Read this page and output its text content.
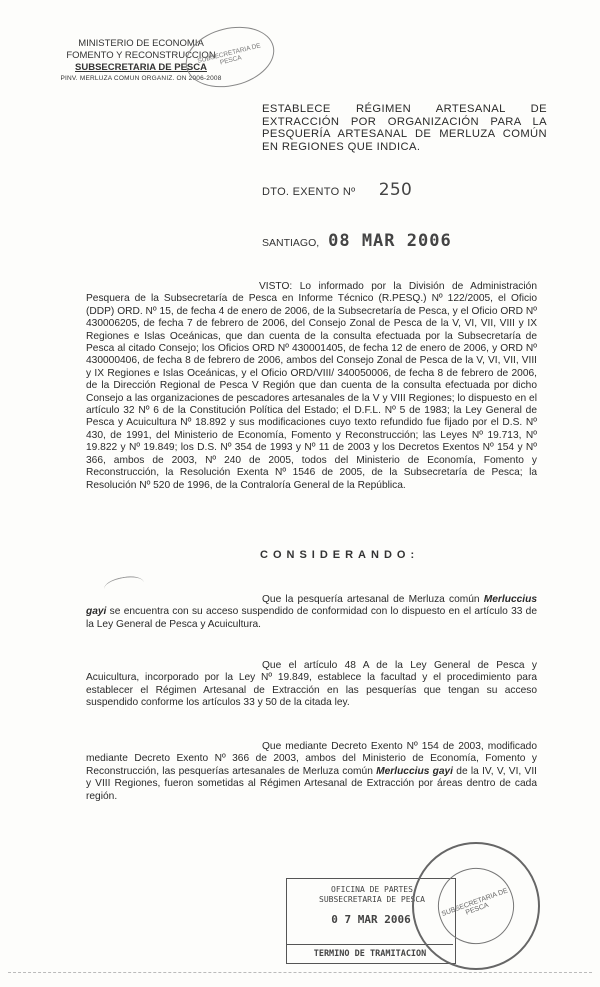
MINISTERIO DE ECONOMIA
FOMENTO Y RECONSTRUCCION
SUBSECRETARIA DE PESCA
PINV. MERLUZA COMUN ORGANIZ. ON 2006-2008
SUBSECRETARIA DE PESCA
ESTABLECE RÉGIMEN ARTESANAL DE EXTRACCIÓN POR ORGANIZACIÓN PARA LA PESQUERÍA ARTESANAL DE MERLUZA COMÚN EN REGIONES QUE INDICA.
DTO. EXENTO Nº 250
SANTIAGO, 08 MAR 2006
VISTO: Lo informado por la División de Administración Pesquera de la Subsecretaría de Pesca en Informe Técnico (R.PESQ.) Nº 122/2005, el Oficio (DDP) ORD. Nº 15, de fecha 4 de enero de 2006, de la Subsecretaría de Pesca, y el Oficio ORD Nº 430006205, de fecha 7 de febrero de 2006, del Consejo Zonal de Pesca de la V, VI, VII, VIII y IX Regiones e Islas Oceánicas, que dan cuenta de la consulta efectuada por la Subsecretaría de Pesca al citado Consejo; los Oficios ORD Nº 430001405, de fecha 12 de enero de 2006, y ORD Nº 430000406, de fecha 8 de febrero de 2006, ambos del Consejo Zonal de Pesca de la V, VI, VII, VIII y IX Regiones e Islas Oceánicas, y el Oficio ORD/VIII/ 340050006, de fecha 8 de febrero de 2006, de la Dirección Regional de Pesca V Región que dan cuenta de la consulta efectuada por dicho Consejo a las organizaciones de pescadores artesanales de la V y VIII Regiones; lo dispuesto en el artículo 32 Nº 6 de la Constitución Política del Estado; el D.F.L. Nº 5 de 1983; la Ley General de Pesca y Acuicultura Nº 18.892 y sus modificaciones cuyo texto refundido fue fijado por el D.S. Nº 430, de 1991, del Ministerio de Economía, Fomento y Reconstrucción; las Leyes Nº 19.713, Nº 19.822 y Nº 19.849; los D.S. Nº 354 de 1993 y Nº 11 de 2003 y los Decretos Exentos Nº 154 y Nº 366, ambos de 2003, Nº 240 de 2005, todos del Ministerio de Economía, Fomento y Reconstrucción, la Resolución Exenta Nº 1546 de 2005, de la Subsecretaría de Pesca; la Resolución Nº 520 de 1996, de la Contraloría General de la República.
CONSIDERANDO:
Que la pesquería artesanal de Merluza común Merluccius gayi se encuentra con su acceso suspendido de conformidad con lo dispuesto en el artículo 33 de la Ley General de Pesca y Acuicultura.
Que el artículo 48 A de la Ley General de Pesca y Acuicultura, incorporado por la Ley Nº 19.849, establece la facultad y el procedimiento para establecer el Régimen Artesanal de Extracción en las pesquerías que tengan su acceso suspendido conforme los artículos 33 y 50 de la citada ley.
Que mediante Decreto Exento Nº 154 de 2003, modificado mediante Decreto Exento Nº 366 de 2003, ambos del Ministerio de Economía, Fomento y Reconstrucción, las pesquerías artesanales de Merluza común Merluccius gayi de la IV, V, VI, VII y VIII Regiones, fueron sometidas al Régimen Artesanal de Extracción por áreas dentro de cada región.
OFICINA DE PARTES
SUBSECRETARIA DE PESCA
0 7 MAR 2006
TERMINO DE TRAMITACION
SUBSECRETARIA DE PESCA
